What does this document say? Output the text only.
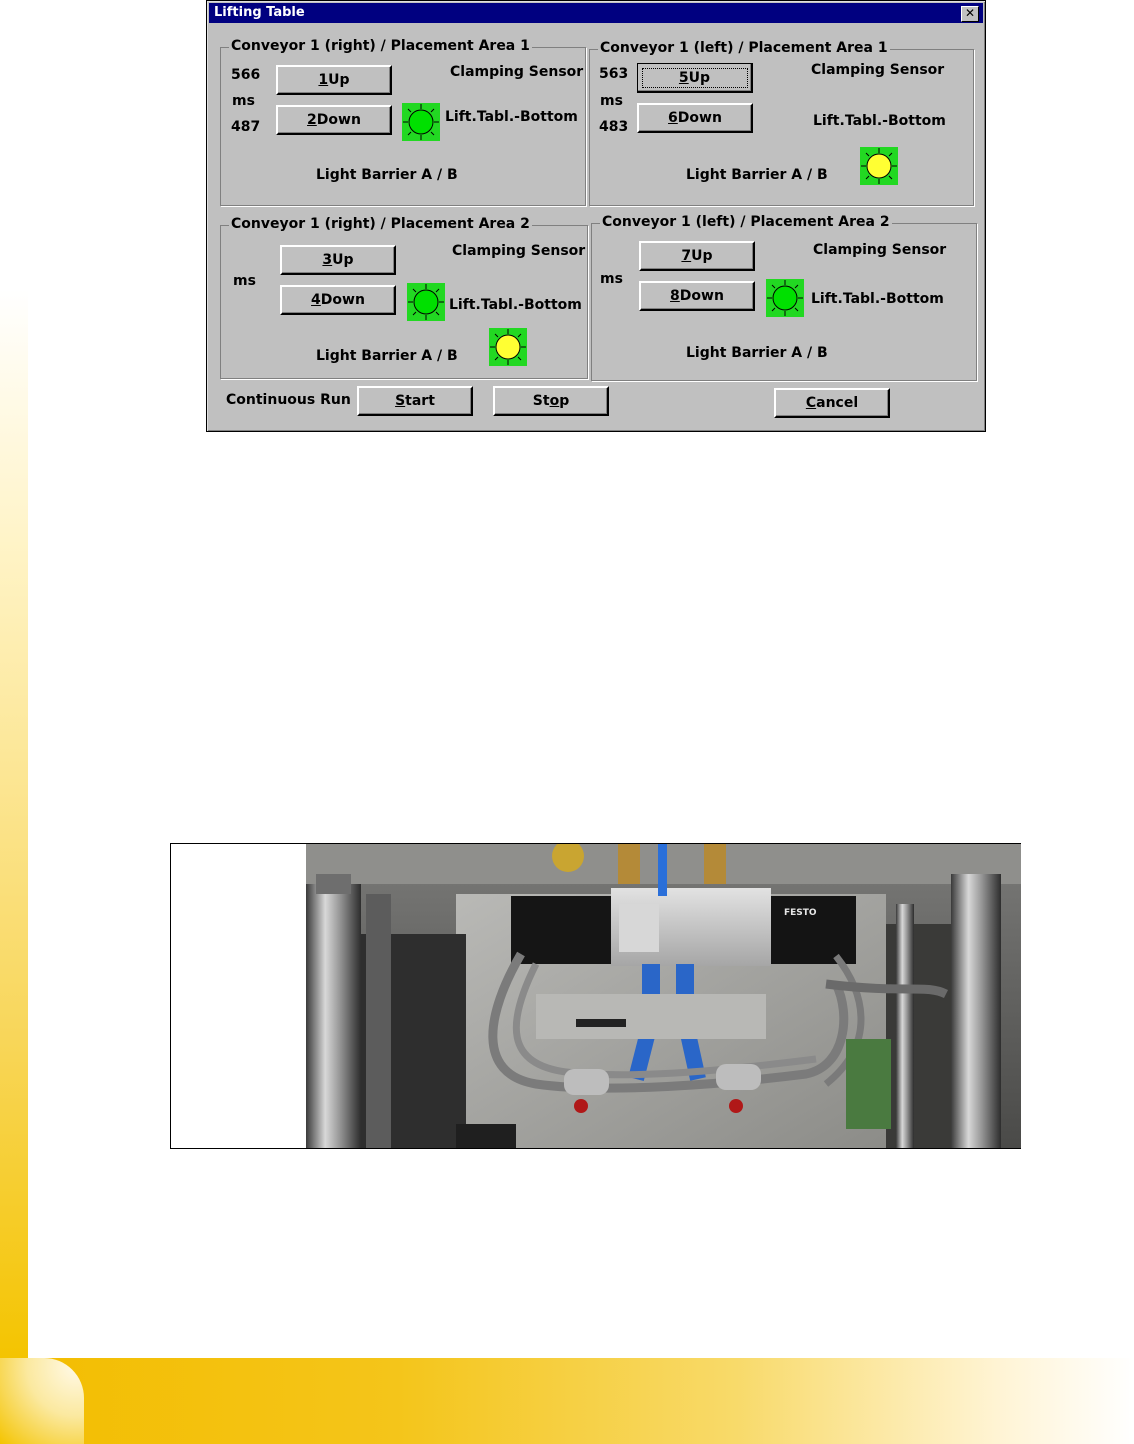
Lifting Table	✕
Conveyor 1 (right) / Placement Area 1
566
ms
487
1 Up
2 Down
Clamping Sensor
Lift.Tabl.-Bottom
Light Barrier A / B
Conveyor 1 (left) / Placement Area 1
563
ms
483
5 Up
6 Down
Clamping Sensor
Lift.Tabl.-Bottom
Light Barrier A / B
Conveyor 1 (right) / Placement Area 2
ms
3 Up
4 Down
Clamping Sensor
Lift.Tabl.-Bottom
Light Barrier A / B
Conveyor 1 (left) / Placement Area 2
ms
7 Up
8 Down
Clamping Sensor
Lift.Tabl.-Bottom
Light Barrier A / B
Continuous Run	S tart	St o p	C ancel
FESTO
